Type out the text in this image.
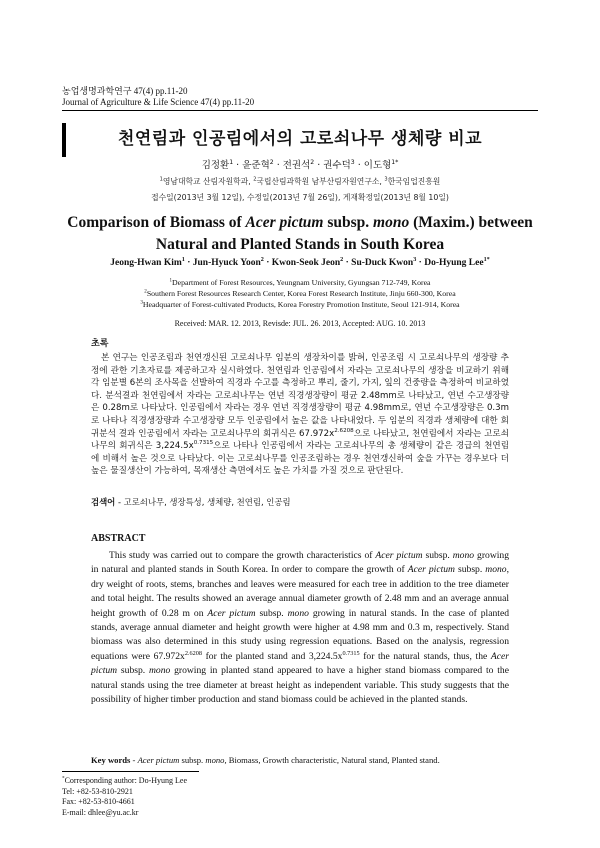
농업생명과학연구 47(4) pp.11-20
Journal of Agriculture & Life Science 47(4) pp.11-20
천연림과 인공림에서의 고로쇠나무 생체량 비교
김정환$^1$ · 윤준혁$^2$ · 전권석$^2$ · 권수덕$^3$ · 이도형$^{1*}$
$^1$영남대학교 산림자원학과, $^2$국립산림과학원 남부산림자원연구소, $^3$한국임업진흥원
접수일(2013년 3월 12일), 수정일(2013년 7월 26일), 게재확정일(2013년 8월 10일)
Comparison of Biomass of Acer pictum subsp. mono (Maxim.) between
Natural and Planted Stands in South Korea
Jeong-Hwan Kim$^1$ · Jun-Hyuck Yoon$^2$ · Kwon-Seok Jeon$^2$ · Su-Duck Kwon$^3$ · Do-Hyung Lee$^{1*}$
$^1$Department of Forest Resources, Yeungnam University, Gyungsan 712-749, Korea
$^2$Southern Forest Resources Research Center, Korea Forest Research Institute, Jinju 660-300, Korea
$^3$Headquarter of Forest-cultivated Products, Korea Forestry Promotion Institute, Seoul 121-914, Korea
Received: MAR. 12. 2013, Revisde: JUL. 26. 2013, Accepted: AUG. 10. 2013
초록
본 연구는 인공조림과 천연갱신된 고로쇠나무 임분의 생장차이를 밝혀, 인공조림 시 고로쇠나무의 생장량 추정에 관한 기초자료를 제공하고자 실시하였다. 천연림과 인공림에서 자라는 고로쇠나무의 생장을 비교하기 위해 각 임분별 6본의 조사목을 선발하여 직경과 수고를 측정하고 뿌리, 줄기, 가지, 잎의 건중량을 측정하여 비교하였다. 분석결과 천연림에서 자라는 고로쇠나무는 연년 직경생장량이 평균 2.48mm로 나타났고, 연년 수고생장량은 0.28m로 나타났다. 인공림에서 자라는 경우 연년 직경생장량이 평균 4.98mm로, 연년 수고생장량은 0.3m로 나타나 직경생장량과 수고생장량 모두 인공림에서 높은 값을 나타내었다. 두 임분의 직경과 생체량에 대한 회귀분석 결과 인공림에서 자라는 고로쇠나무의 회귀식은 $67.972x^{2.6208}$으로 나타났고, 천연림에서 자라는 고로쇠나무의 회귀식은 $3,224.5x^{0.7315}$으로 나타나 인공림에서 자라는 고로쇠나무의 총 생체량이 같은 경급의 천연림에 비해서 높은 것으로 나타났다. 이는 고로쇠나무를 인공조림하는 경우 천연갱신하여 숲을 가꾸는 경우보다 더 높은 물질생산이 가능하여, 목재생산 측면에서도 높은 가치를 가질 것으로 판단된다.
검색어 - 고로쇠나무, 생장특성, 생체량, 천연림, 인공림
ABSTRACT
This study was carried out to compare the growth characteristics of Acer pictum subsp. mono growing in natural and planted stands in South Korea. In order to compare the growth of Acer pictum subsp. mono, dry weight of roots, stems, branches and leaves were measured for each tree in addition to the tree diameter and total height. The results showed an average annual diameter growth of 2.48 mm and an average annual height growth of 0.28 m on Acer pictum subsp. mono growing in natural stands. In the case of planted stands, average annual diameter and height growth were higher at 4.98 mm and 0.3 m, respectively. Stand biomass was also determined in this study using regression equations. Based on the analysis, regression equations were $67.972x^{2.6208}$ for the planted stand and $3,224.5x^{0.7315}$ for the natural stands, thus, the Acer pictum subsp. mono growing in planted stand appeared to have a higher stand biomass compared to the natural stands using the tree diameter at breast height as independent variable. This study suggests that the possibility of higher timber production and stand biomass could be achieved in the planted stands.
Key words - Acer pictum subsp. mono, Biomass, Growth characteristic, Natural stand, Planted stand.
*Corresponding author: Do-Hyung Lee
Tel: +82-53-810-2921
Fax: +82-53-810-4661
E-mail: dhlee@yu.ac.kr
